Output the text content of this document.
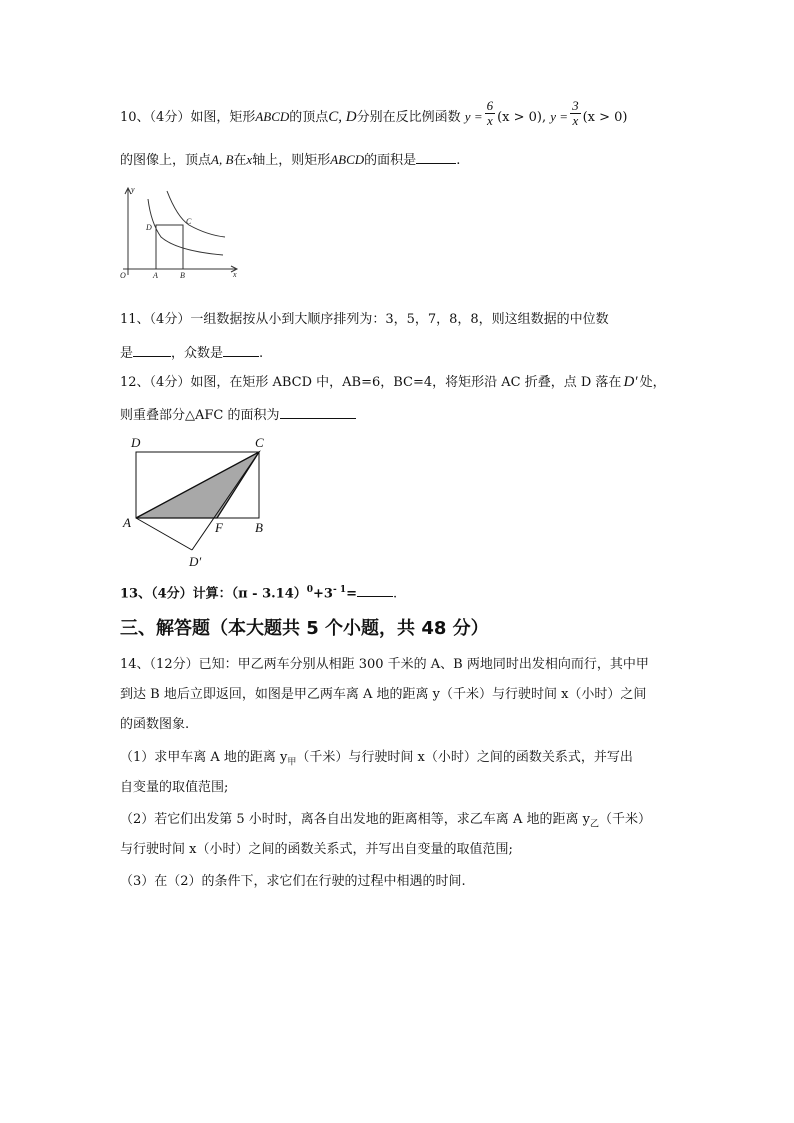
10、（4分）如图，矩形ABCD的顶点C, D分别在反比例函数 $y = \frac{6}{x} (x > 0)$, $y = \frac{3}{x} (x > 0)$
的图像上，顶点A, B在x轴上，则矩形ABCD的面积是	.
y
x
O	A	B
C
D
11、（4分）一组数据按从小到大顺序排列为：3，5，7，8，8，则这组数据的中位数
是	，众数是	.
12、（4分）如图，在矩形 ABCD 中，AB=6，BC=4，将矩形沿 AC 折叠，点 D 落在 D′ 处，
则重叠部分△AFC 的面积为
D	C
A	F B
D′
13、（4分）计算：$(\pi - 3.14)^0+3^{- 1}=$	.
三、解答题（本大题共 5 个小题，共 48 分）
14、（12分）已知：甲乙两车分别从相距 300 千米的 A、B 两地同时出发相向而行，其中甲
到达 B 地后立即返回，如图是甲乙两车离 A 地的距离 y（千米）与行驶时间 x（小时）之间
的函数图象.
（1）求甲车离 A 地的距离 $y_甲$（千米）与行驶时间 x（小时）之间的函数关系式，并写出
自变量的取值范围;
（2）若它们出发第 5 小时时，离各自出发地的距离相等，求乙车离 A 地的距离 $y_乙$（千米）
与行驶时间 x（小时）之间的函数关系式，并写出自变量的取值范围;
（3）在（2）的条件下，求它们在行驶的过程中相遇的时间.
